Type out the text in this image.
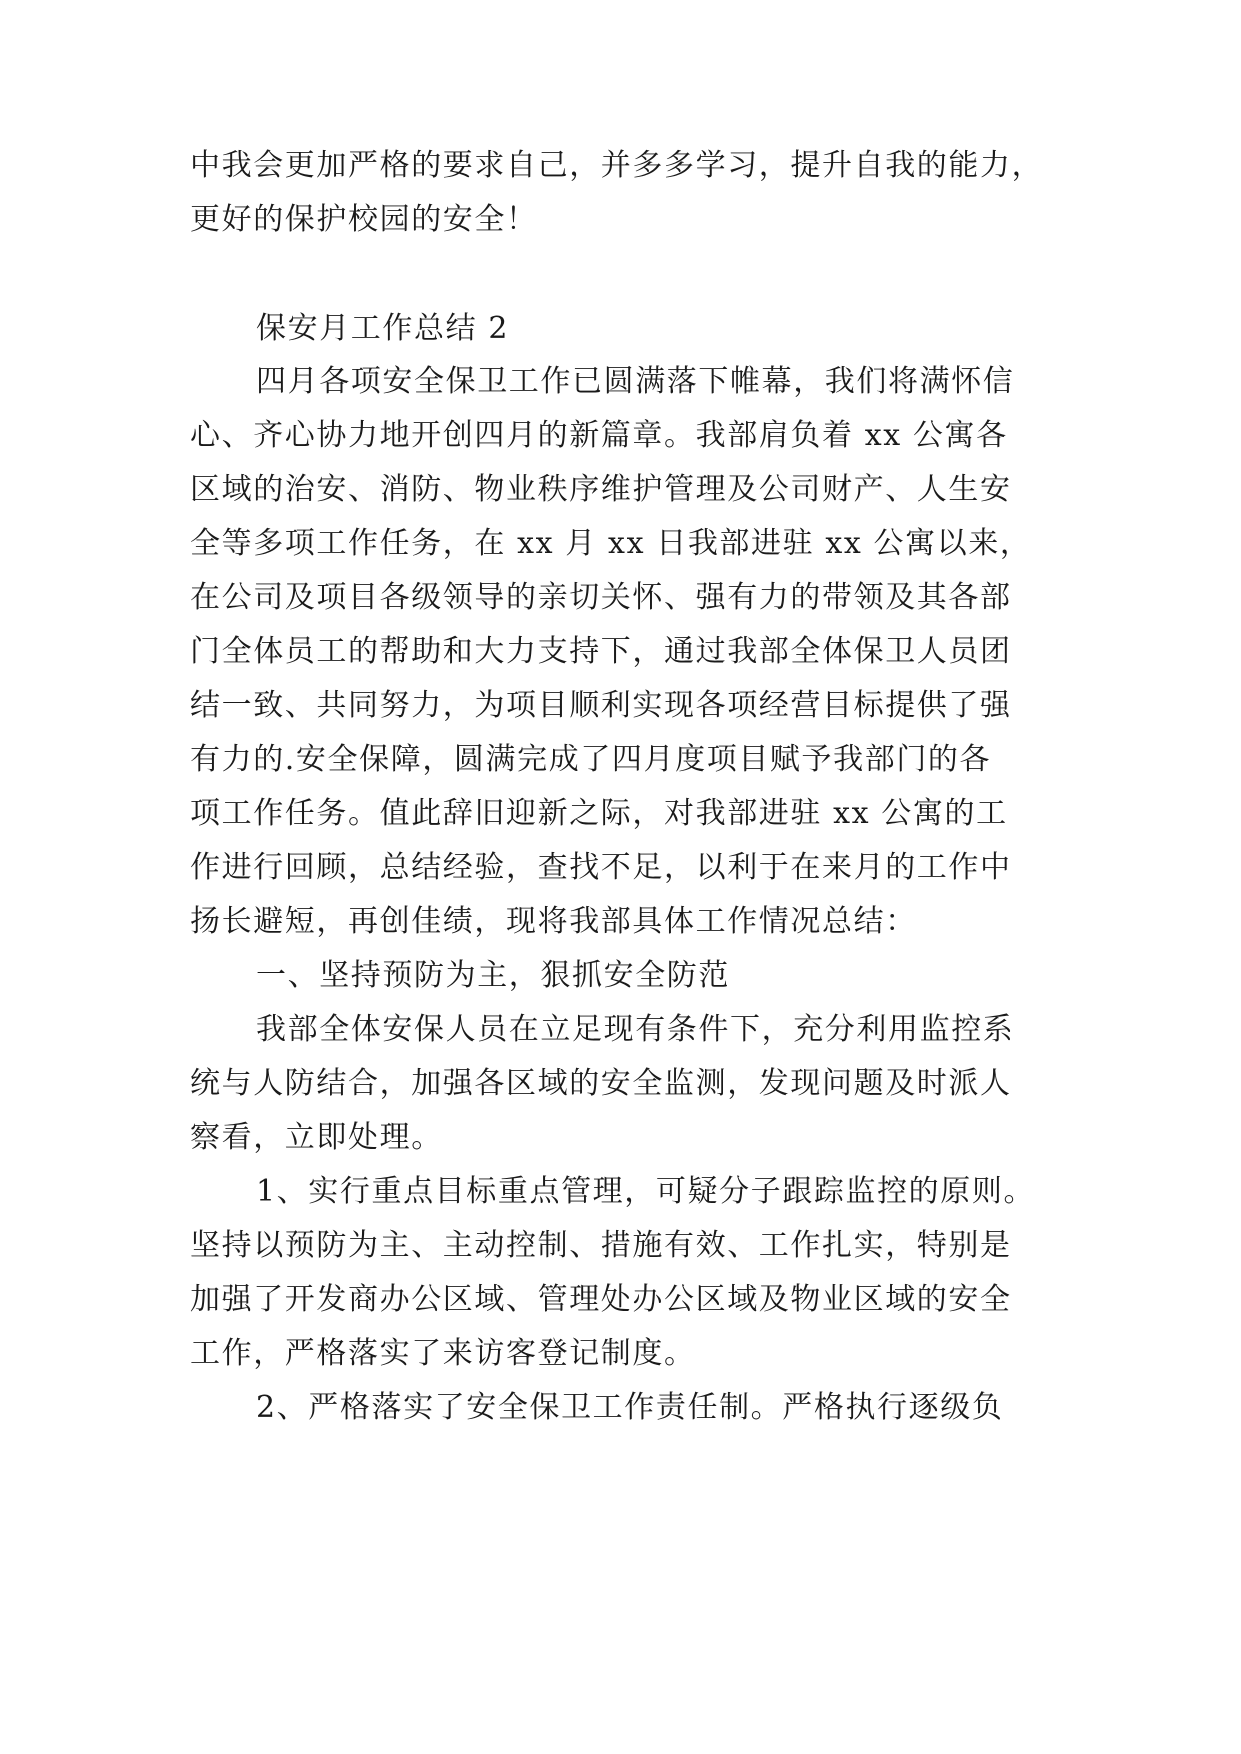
中我会更加严格的要求自己，并多多学习，提升自我的能力，
更好的保护校园的安全！
保安月工作总结 2
四月各项安全保卫工作已圆满落下帷幕，我们将满怀信
心、齐心协力地开创四月的新篇章。我部肩负着 xx 公寓各
区域的治安、消防、物业秩序维护管理及公司财产、人生安
全等多项工作任务，在 xx 月 xx 日我部进驻 xx 公寓以来，
在公司及项目各级领导的亲切关怀、强有力的带领及其各部
门全体员工的帮助和大力支持下，通过我部全体保卫人员团
结一致、共同努力，为项目顺利实现各项经营目标提供了强
有力的.安全保障，圆满完成了四月度项目赋予我部门的各
项工作任务。值此辞旧迎新之际，对我部进驻 xx 公寓的工
作进行回顾，总结经验，查找不足，以利于在来月的工作中
扬长避短，再创佳绩，现将我部具体工作情况总结：
一、坚持预防为主，狠抓安全防范
我部全体安保人员在立足现有条件下，充分利用监控系
统与人防结合，加强各区域的安全监测，发现问题及时派人
察看，立即处理。
1、实行重点目标重点管理，可疑分子跟踪监控的原则。
坚持以预防为主、主动控制、措施有效、工作扎实，特别是
加强了开发商办公区域、管理处办公区域及物业区域的安全
工作，严格落实了来访客登记制度。
2、严格落实了安全保卫工作责任制。严格执行逐级负
